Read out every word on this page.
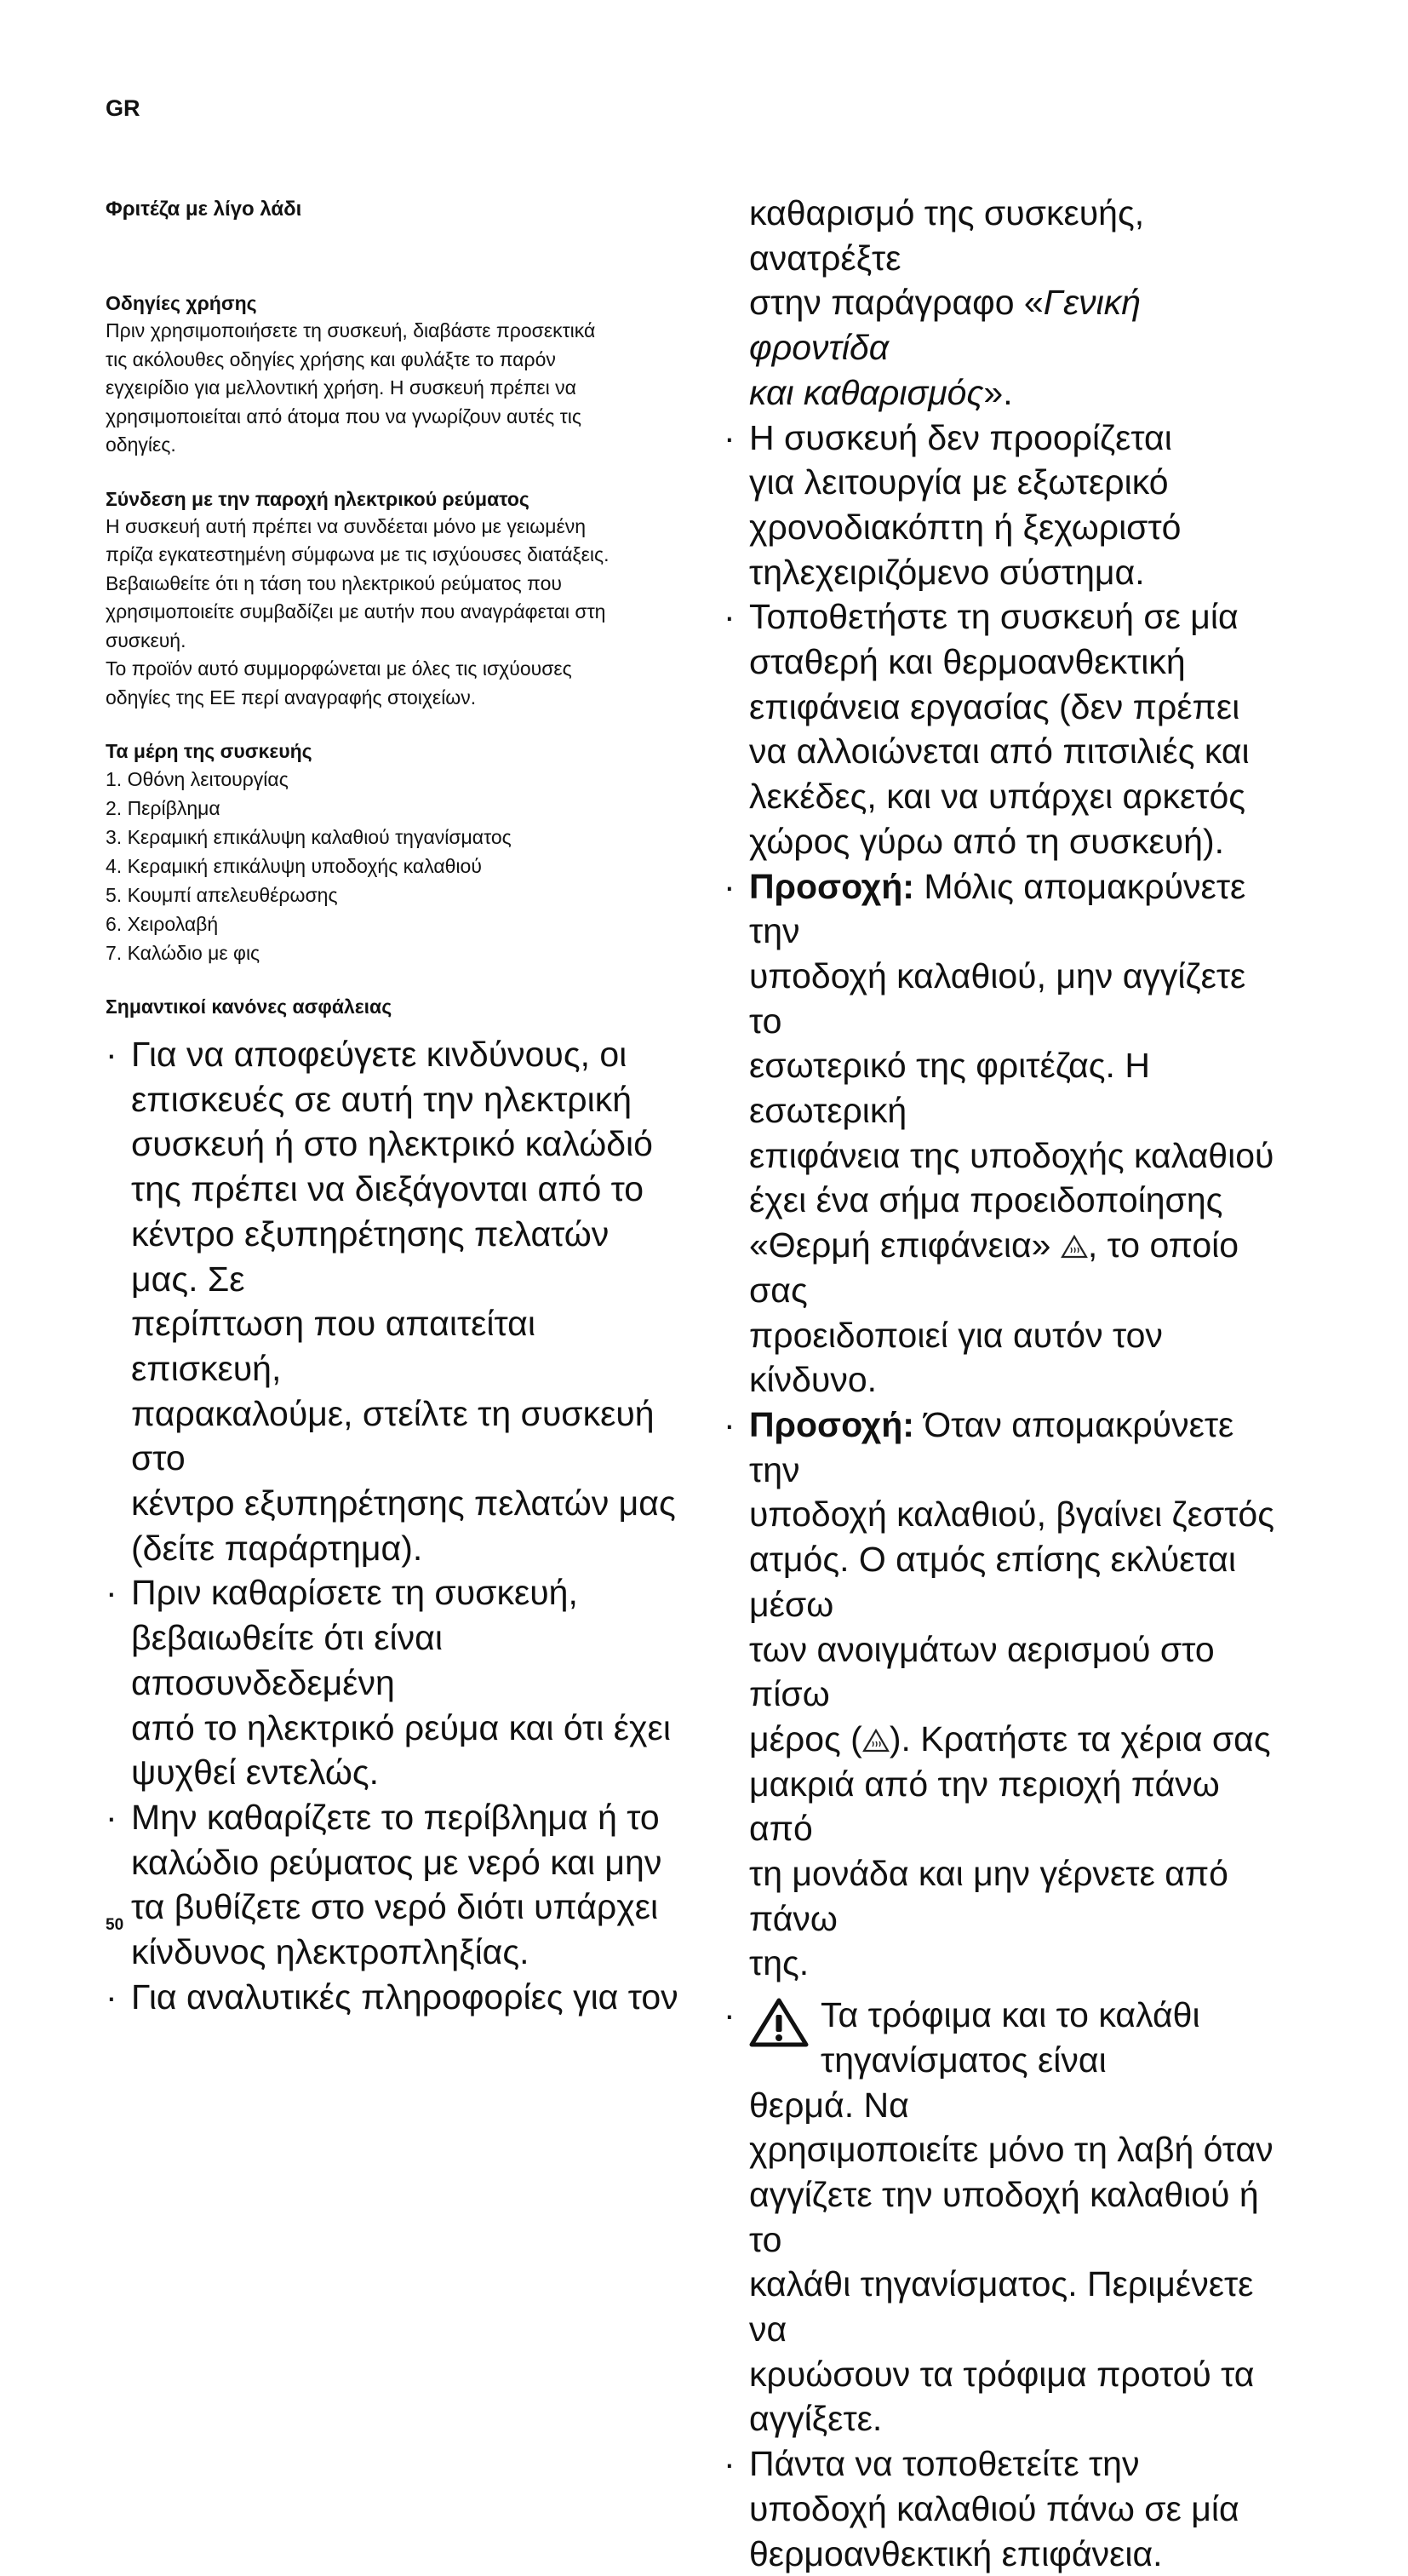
GR
Φριτέζα με λίγο λάδι
Οδηγίες χρήσης
Πριν χρησιμοποιήσετε τη συσκευή, διαβάστε προσεκτικά
τις ακόλουθες οδηγίες χρήσης και φυλάξτε το παρόν
εγχειρίδιο για μελλοντική χρήση. Η συσκευή πρέπει να
χρησιμοποιείται από άτομα που να γνωρίζουν αυτές τις
οδηγίες.
Σύνδεση με την παροχή ηλεκτρικού ρεύματος
Η συσκευή αυτή πρέπει να συνδέεται μόνο με γειωμένη
πρίζα εγκατεστημένη σύμφωνα με τις ισχύουσες διατάξεις.
Βεβαιωθείτε ότι η τάση του ηλεκτρικού ρεύματος που
χρησιμοποιείτε συμβαδίζει με αυτήν που αναγράφεται στη
συσκευή.
Το προϊόν αυτό συμμορφώνεται με όλες τις ισχύουσες
οδηγίες της ΕΕ περί αναγραφής στοιχείων.
Τα μέρη της συσκευής
1. Οθόνη λειτουργίας
2. Περίβλημα
3. Κεραμική επικάλυψη καλαθιού τηγανίσματος
4. Κεραμική επικάλυψη υποδοχής καλαθιού
5. Κουμπί απελευθέρωσης
6. Χειρολαβή
7. Καλώδιο με φις
Σημαντικοί κανόνες ασφάλειας
· Για να αποφεύγετε κινδύνους, οι
επισκευές σε αυτή την ηλεκτρική
συσκευή ή στο ηλεκτρικό καλώδιό
της πρέπει να διεξάγονται από το
κέντρο εξυπηρέτησης πελατών μας. Σε
περίπτωση που απαιτείται επισκευή,
παρακαλούμε, στείλτε τη συσκευή στο
κέντρο εξυπηρέτησης πελατών μας
(δείτε παράρτημα).
· Πριν καθαρίσετε τη συσκευή,
βεβαιωθείτε ότι είναι αποσυνδεδεμένη
από το ηλεκτρικό ρεύμα και ότι έχει
ψυχθεί εντελώς.
· Μην καθαρίζετε το περίβλημα ή το
καλώδιο ρεύματος με νερό και μην
τα βυθίζετε στο νερό διότι υπάρχει
κίνδυνος ηλεκτροπληξίας.
· Για αναλυτικές πληροφορίες για τον
καθαρισμό της συσκευής, ανατρέξτε
στην παράγραφο «Γενική φροντίδα
και καθαρισμός».
· Η συσκευή δεν προορίζεται
για λειτουργία με εξωτερικό
χρονοδιακόπτη ή ξεχωριστό
τηλεχειριζόμενο σύστημα.
· Τοποθετήστε τη συσκευή σε μία
σταθερή και θερμοανθεκτική
επιφάνεια εργασίας (δεν πρέπει
να αλλοιώνεται από πιτσιλιές και
λεκέδες, και να υπάρχει αρκετός
χώρος γύρω από τη συσκευή).
· Προσοχή: Μόλις απομακρύνετε την
υποδοχή καλαθιού, μην αγγίζετε το
εσωτερικό της φριτέζας. Η εσωτερική
επιφάνεια της υποδοχής καλαθιού
έχει ένα σήμα προειδοποίησης
«Θερμή επιφάνεια» , το οποίο σας
προειδοποιεί για αυτόν τον κίνδυνο.
· Προσοχή: Όταν απομακρύνετε την
υποδοχή καλαθιού, βγαίνει ζεστός
ατμός. Ο ατμός επίσης εκλύεται μέσω
των ανοιγμάτων αερισμού στο πίσω
μέρος ( ). Κρατήστε τα χέρια σας
μακριά από την περιοχή πάνω από
τη μονάδα και μην γέρνετε από πάνω
της.
·	Τα τρόφιμα και το καλάθι
τηγανίσματος είναι θερμά. Να
χρησιμοποιείτε μόνο τη λαβή όταν
αγγίζετε την υποδοχή καλαθιού ή το
καλάθι τηγανίσματος. Περιμένετε να
κρυώσουν τα τρόφιμα προτού τα
αγγίξετε.
· Πάντα να τοποθετείτε την
υποδοχή καλαθιού πάνω σε μία
θερμοανθεκτική επιφάνεια.
50
